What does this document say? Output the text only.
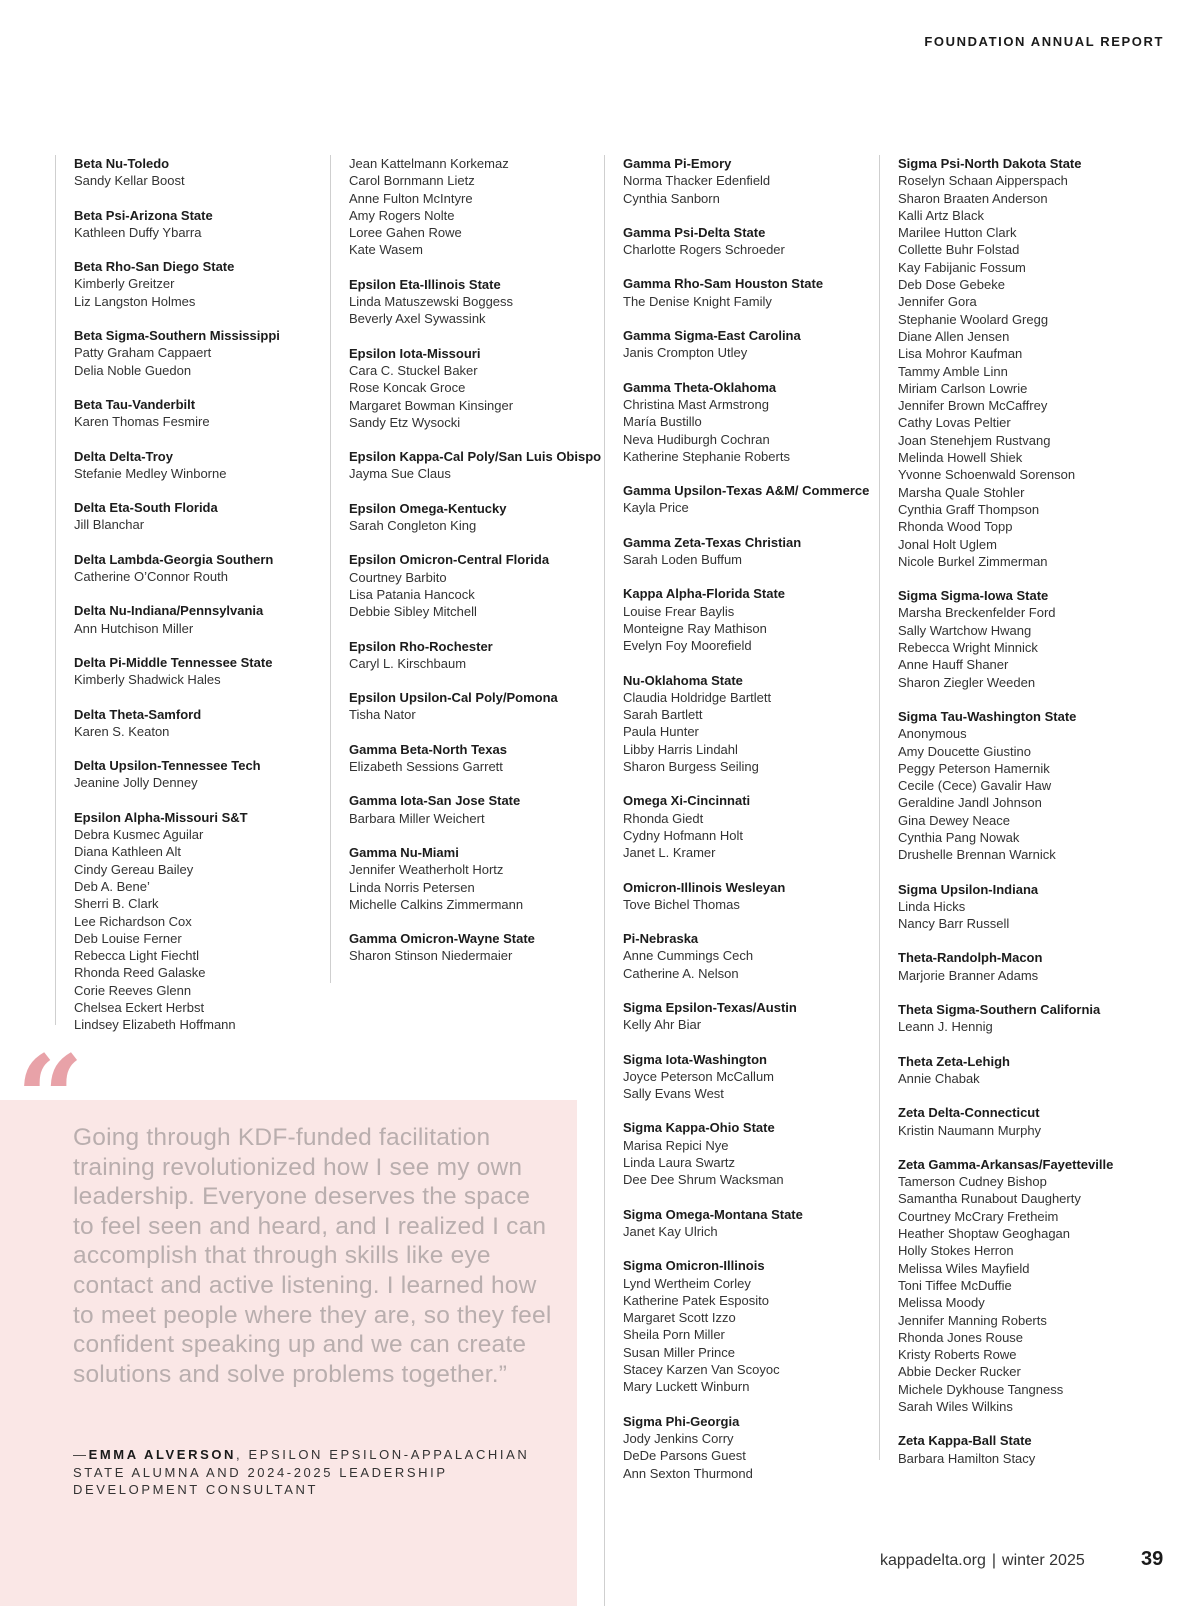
FOUNDATION ANNUAL REPORT
Beta Nu-Toledo
Sandy Kellar Boost
Beta Psi-Arizona State
Kathleen Duffy Ybarra
Beta Rho-San Diego State
Kimberly Greitzer
Liz Langston Holmes
Beta Sigma-Southern Mississippi
Patty Graham Cappaert
Delia Noble Guedon
Beta Tau-Vanderbilt
Karen Thomas Fesmire
Delta Delta-Troy
Stefanie Medley Winborne
Delta Eta-South Florida
Jill Blanchar
Delta Lambda-Georgia Southern
Catherine O’Connor Routh
Delta Nu-Indiana/Pennsylvania
Ann Hutchison Miller
Delta Pi-Middle Tennessee State
Kimberly Shadwick Hales
Delta Theta-Samford
Karen S. Keaton
Delta Upsilon-Tennessee Tech
Jeanine Jolly Denney
Epsilon Alpha-Missouri S&T
Debra Kusmec Aguilar
Diana Kathleen Alt
Cindy Gereau Bailey
Deb A. Bene’
Sherri B. Clark
Lee Richardson Cox
Deb Louise Ferner
Rebecca Light Fiechtl
Rhonda Reed Galaske
Corie Reeves Glenn
Chelsea Eckert Herbst
Lindsey Elizabeth Hoffmann
Jean Kattelmann Korkemaz
Carol Bornmann Lietz
Anne Fulton McIntyre
Amy Rogers Nolte
Loree Gahen Rowe
Kate Wasem
Epsilon Eta-Illinois State
Linda Matuszewski Boggess
Beverly Axel Sywassink
Epsilon Iota-Missouri
Cara C. Stuckel Baker
Rose Koncak Groce
Margaret Bowman Kinsinger
Sandy Etz Wysocki
Epsilon Kappa-Cal Poly/San Luis Obispo
Jayma Sue Claus
Epsilon Omega-Kentucky
Sarah Congleton King
Epsilon Omicron-Central Florida
Courtney Barbito
Lisa Patania Hancock
Debbie Sibley Mitchell
Epsilon Rho-Rochester
Caryl L. Kirschbaum
Epsilon Upsilon-Cal Poly/Pomona
Tisha Nator
Gamma Beta-North Texas
Elizabeth Sessions Garrett
Gamma Iota-San Jose State
Barbara Miller Weichert
Gamma Nu-Miami
Jennifer Weatherholt Hortz
Linda Norris Petersen
Michelle Calkins Zimmermann
Gamma Omicron-Wayne State
Sharon Stinson Niedermaier
Gamma Pi-Emory
Norma Thacker Edenfield
Cynthia Sanborn
Gamma Psi-Delta State
Charlotte Rogers Schroeder
Gamma Rho-Sam Houston State
The Denise Knight Family
Gamma Sigma-East Carolina
Janis Crompton Utley
Gamma Theta-Oklahoma
Christina Mast Armstrong
María Bustillo
Neva Hudiburgh Cochran
Katherine Stephanie Roberts
Gamma Upsilon-Texas A&M/ Commerce
Kayla Price
Gamma Zeta-Texas Christian
Sarah Loden Buffum
Kappa Alpha-Florida State
Louise Frear Baylis
Monteigne Ray Mathison
Evelyn Foy Moorefield
Nu-Oklahoma State
Claudia Holdridge Bartlett
Sarah Bartlett
Paula Hunter
Libby Harris Lindahl
Sharon Burgess Seiling
Omega Xi-Cincinnati
Rhonda Giedt
Cydny Hofmann Holt
Janet L. Kramer
Omicron-Illinois Wesleyan
Tove Bichel Thomas
Pi-Nebraska
Anne Cummings Cech
Catherine A. Nelson
Sigma Epsilon-Texas/Austin
Kelly Ahr Biar
Sigma Iota-Washington
Joyce Peterson McCallum
Sally Evans West
Sigma Kappa-Ohio State
Marisa Repici Nye
Linda Laura Swartz
Dee Dee Shrum Wacksman
Sigma Omega-Montana State
Janet Kay Ulrich
Sigma Omicron-Illinois
Lynd Wertheim Corley
Katherine Patek Esposito
Margaret Scott Izzo
Sheila Porn Miller
Susan Miller Prince
Stacey Karzen Van Scoyoc
Mary Luckett Winburn
Sigma Phi-Georgia
Jody Jenkins Corry
DeDe Parsons Guest
Ann Sexton Thurmond
Sigma Psi-North Dakota State
Roselyn Schaan Aipperspach
Sharon Braaten Anderson
Kalli Artz Black
Marilee Hutton Clark
Collette Buhr Folstad
Kay Fabijanic Fossum
Deb Dose Gebeke
Jennifer Gora
Stephanie Woolard Gregg
Diane Allen Jensen
Lisa Mohror Kaufman
Tammy Amble Linn
Miriam Carlson Lowrie
Jennifer Brown McCaffrey
Cathy Lovas Peltier
Joan Stenehjem Rustvang
Melinda Howell Shiek
Yvonne Schoenwald Sorenson
Marsha Quale Stohler
Cynthia Graff Thompson
Rhonda Wood Topp
Jonal Holt Uglem
Nicole Burkel Zimmerman
Sigma Sigma-Iowa State
Marsha Breckenfelder Ford
Sally Wartchow Hwang
Rebecca Wright Minnick
Anne Hauff Shaner
Sharon Ziegler Weeden
Sigma Tau-Washington State
Anonymous
Amy Doucette Giustino
Peggy Peterson Hamernik
Cecile (Cece) Gavalir Haw
Geraldine Jandl Johnson
Gina Dewey Neace
Cynthia Pang Nowak
Drushelle Brennan Warnick
Sigma Upsilon-Indiana
Linda Hicks
Nancy Barr Russell
Theta-Randolph-Macon
Marjorie Branner Adams
Theta Sigma-Southern California
Leann J. Hennig
Theta Zeta-Lehigh
Annie Chabak
Zeta Delta-Connecticut
Kristin Naumann Murphy
Zeta Gamma-Arkansas/Fayetteville
Tamerson Cudney Bishop
Samantha Runabout Daugherty
Courtney McCrary Fretheim
Heather Shoptaw Geoghagan
Holly Stokes Herron
Melissa Wiles Mayfield
Toni Tiffee McDuffie
Melissa Moody
Jennifer Manning Roberts
Rhonda Jones Rouse
Kristy Roberts Rowe
Abbie Decker Rucker
Michele Dykhouse Tangness
Sarah Wiles Wilkins
Zeta Kappa-Ball State
Barbara Hamilton Stacy
“
Going through KDF-funded facilitation training revolutionized how I see my own leadership. Everyone deserves the space to feel seen and heard, and I realized I can accomplish that through skills like eye contact and active listening. I learned how to meet people where they are, so they feel confident speaking up and we can create solutions and solve problems together.”
—EMMA ALVERSON, EPSILON EPSILON-APPALACHIAN STATE ALUMNA AND 2024-2025 LEADERSHIP DEVELOPMENT CONSULTANT
kappadelta.org | winter 2025	39
